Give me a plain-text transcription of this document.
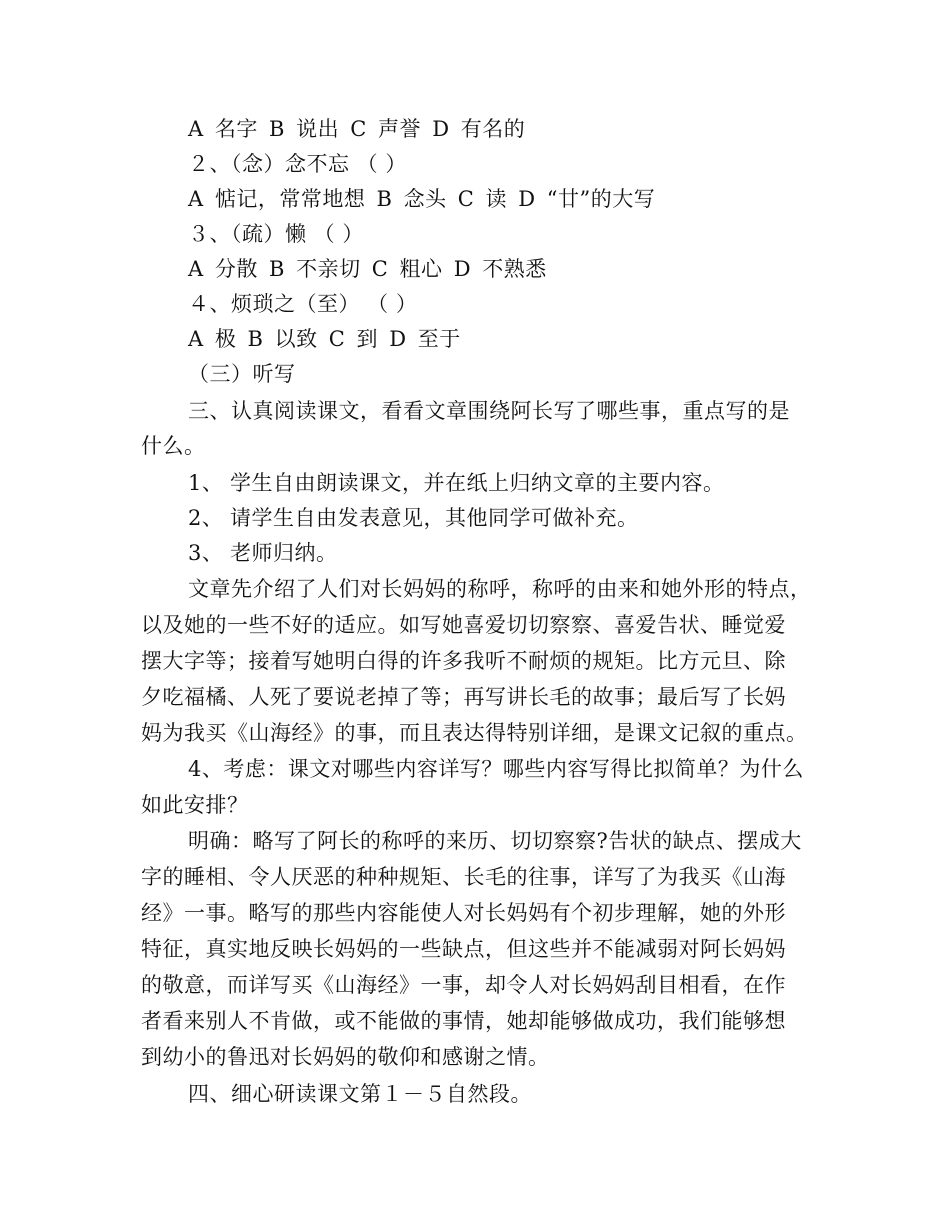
A 名字 B 说出 C 声誉 D 有名的
２、（念）念不忘 （ ）
A 惦记，常常地想 B 念头 C 读 D “廿”的大写
３、（疏）懒 （ ）
A 分散 B 不亲切 C 粗心 D 不熟悉
４、烦琐之（至） （ ）
A 极 B 以致 C 到 D 至于
（三）听写
三、认真阅读课文，看看文章围绕阿长写了哪些事，重点写的是
什么。
1、 学生自由朗读课文，并在纸上归纳文章的主要内容。
2、 请学生自由发表意见，其他同学可做补充。
3、 老师归纳。
文章先介绍了人们对长妈妈的称呼，称呼的由来和她外形的特点，
以及她的一些不好的适应。如写她喜爱切切察察、喜爱告状、睡觉爱
摆大字等；接着写她明白得的许多我听不耐烦的规矩。比方元旦、除
夕吃福橘、人死了要说老掉了等；再写讲长毛的故事；最后写了长妈
妈为我买《山海经》的事，而且表达得特别详细，是课文记叙的重点。
4、考虑：课文对哪些内容详写？哪些内容写得比拟简单？为什么
如此安排？
明确：略写了阿长的称呼的来历、切切察察?告状的缺点、摆成大
字的睡相、令人厌恶的种种规矩、长毛的往事，详写了为我买《山海
经》一事。略写的那些内容能使人对长妈妈有个初步理解，她的外形
特征，真实地反映长妈妈的一些缺点，但这些并不能减弱对阿长妈妈
的敬意，而详写买《山海经》一事，却令人对长妈妈刮目相看，在作
者看来别人不肯做，或不能做的事情，她却能够做成功，我们能够想
到幼小的鲁迅对长妈妈的敬仰和感谢之情。
四、细心研读课文第１－５自然段。
